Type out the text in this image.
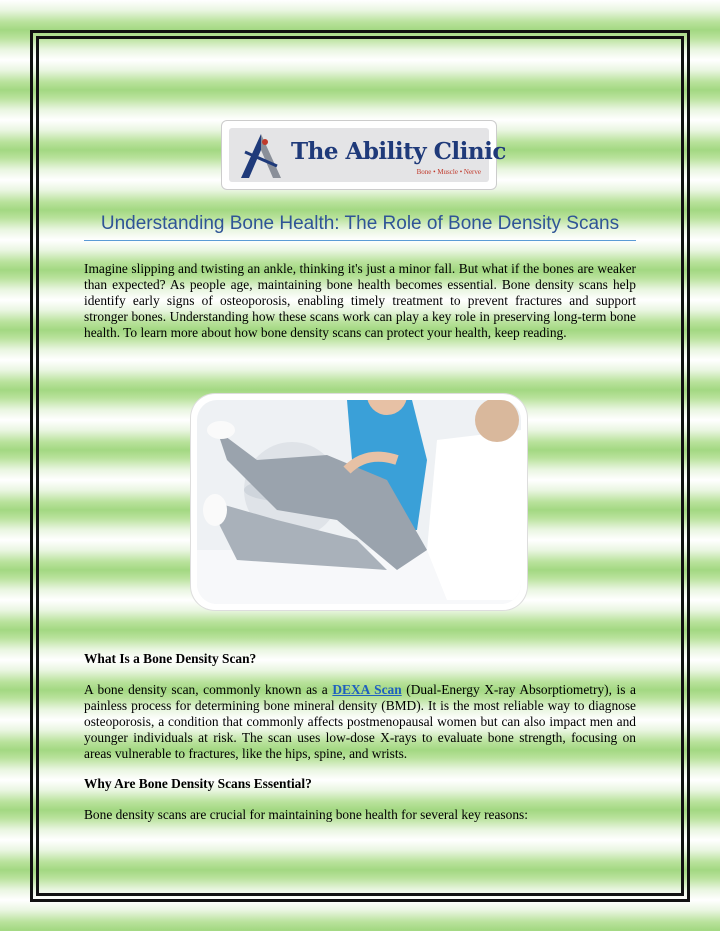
The Ability Clinic
Bone • Muscle • Nerve
Understanding Bone Health: The Role of Bone Density Scans

Imagine slipping and twisting an ankle, thinking it's just a minor fall. But what if the bones are weaker than expected? As people age, maintaining bone health becomes essential. Bone density scans help identify early signs of osteoporosis, enabling timely treatment to prevent fractures and support stronger bones. Understanding how these scans work can play a key role in preserving long-term bone health. To learn more about how bone density scans can protect your health, keep reading.

What Is a Bone Density Scan?

A bone density scan, commonly known as a DEXA Scan (Dual-Energy X-ray Absorptiometry), is a painless process for determining bone mineral density (BMD). It is the most reliable way to diagnose osteoporosis, a condition that commonly affects postmenopausal women but can also impact men and younger individuals at risk. The scan uses low-dose X-rays to evaluate bone strength, focusing on areas vulnerable to fractures, like the hips, spine, and wrists.

Why Are Bone Density Scans Essential?

Bone density scans are crucial for maintaining bone health for several key reasons:
